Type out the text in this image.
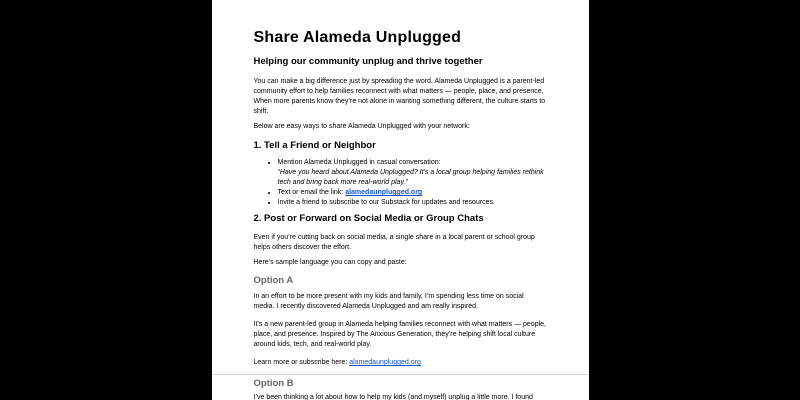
Share Alameda Unplugged
Helping our community unplug and thrive together

You can make a big difference just by spreading the word. Alameda Unplugged is a parent-led community effort to help families reconnect with what matters — people, place, and presence. When more parents know they’re not alone in wanting something different, the culture starts to shift.

Below are easy ways to share Alameda Unplugged with your network:

1. Tell a Friend or Neighbor
• Mention Alameda Unplugged in casual conversation:
“Have you heard about Alameda Unplugged? It’s a local group helping families rethink tech and bring back more real-world play.”
• Text or email the link: alamedaunplugged.org
• Invite a friend to subscribe to our Substack for updates and resources.
2. Post or Forward on Social Media or Group Chats

Even if you’re cutting back on social media, a single share in a local parent or school group helps others discover the effort.

Here’s sample language you can copy and paste:

Option A

In an effort to be more present with my kids and family, I’m spending less time on social media. I recently discovered Alameda Unplugged and am really inspired.

It’s a new parent-led group in Alameda helping families reconnect with what matters — people, place, and presence. Inspired by The Anxious Generation, they’re helping shift local culture around kids, tech, and real-world play.

Learn more or subscribe here: alamedaunplugged.org

Option B

I’ve been thinking a lot about how to help my kids (and myself) unplug a little more. I found
